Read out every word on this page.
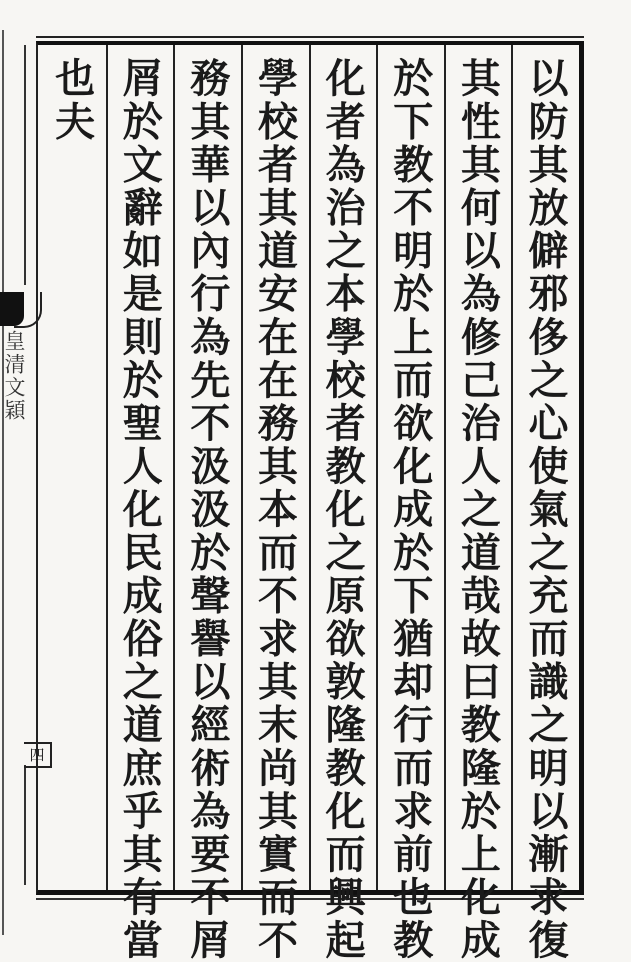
皇清文穎
四	以防其放僻邪侈之心使氣之充而識之明以漸求復
其性其何以為修己治人之道哉故曰教隆於上化成
於下教不明於上而欲化成於下猶却行而求前也教
化者為治之本學校者教化之原欲敦隆教化而興起
學校者其道安在在務其本而不求其末尚其實而不
務其華以內行為先不汲汲於聲譽以經術為要不屑
屑於文辭如是則於聖人化民成俗之道庶乎其有當
也夫
